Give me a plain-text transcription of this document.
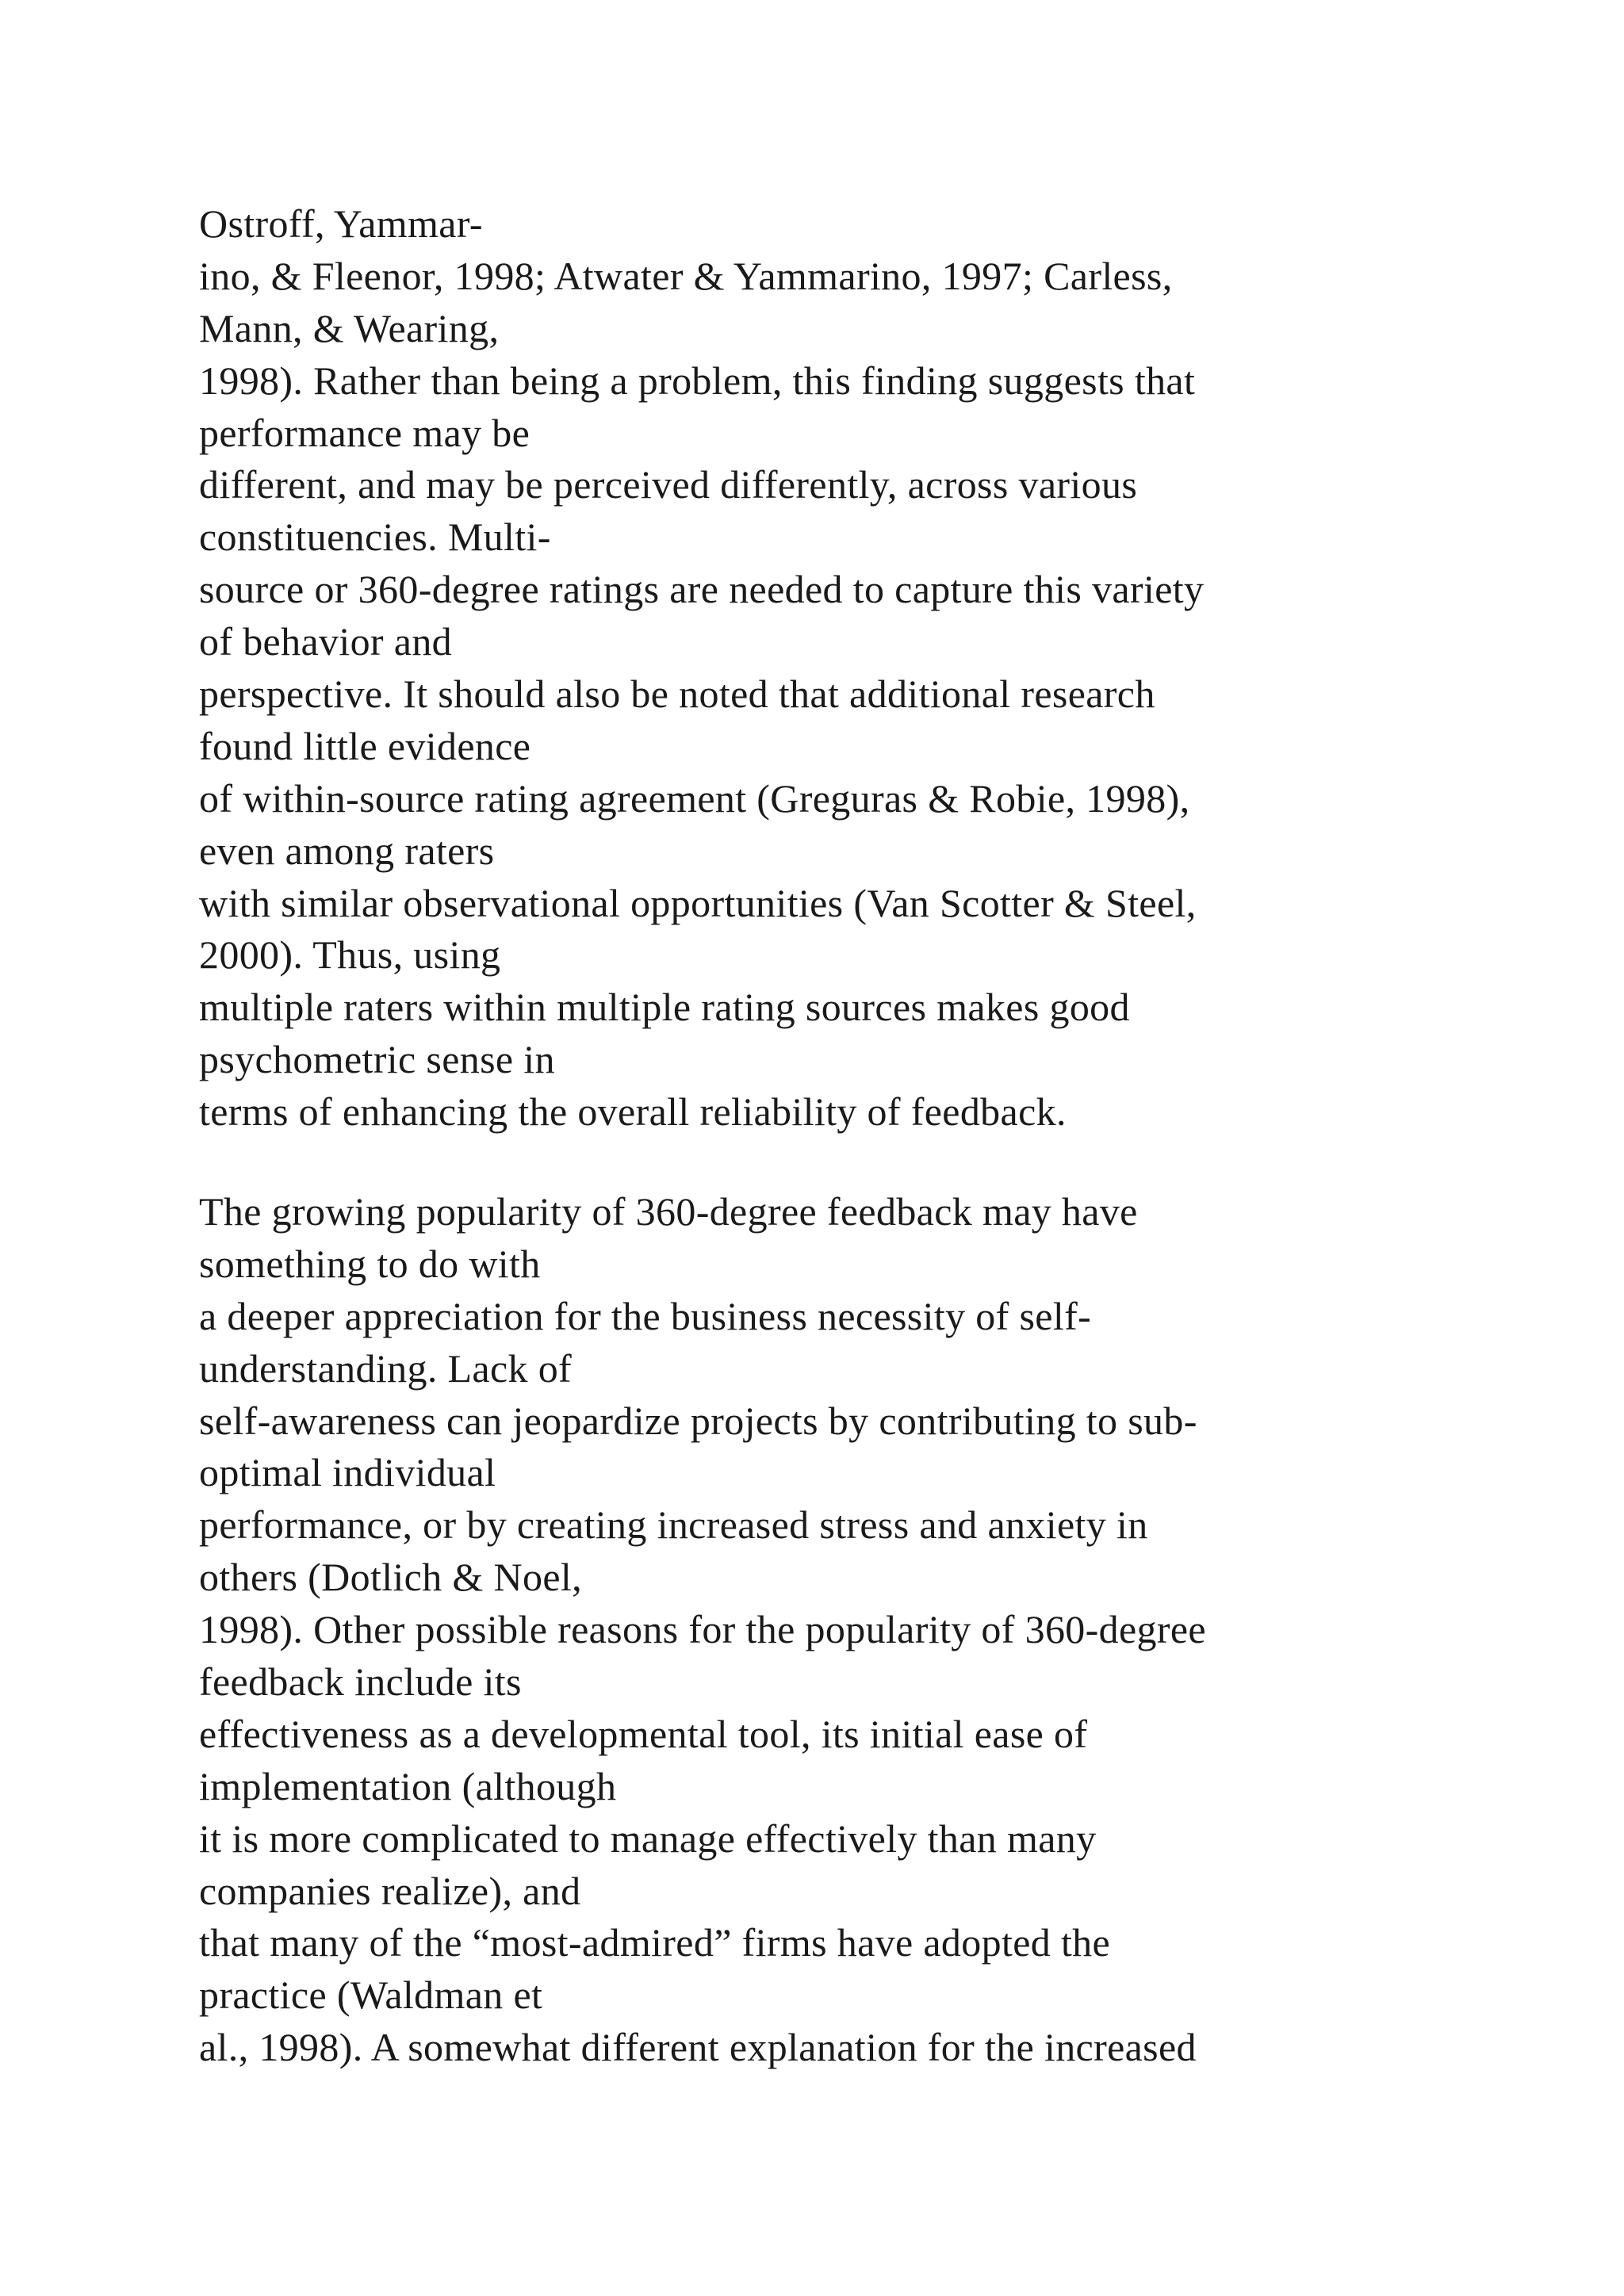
Ostroff, Yammar-
ino, & Fleenor, 1998; Atwater & Yammarino, 1997; Carless,
Mann, & Wearing,
1998). Rather than being a problem, this finding suggests that
performance may be
different, and may be perceived differently, across various
constituencies. Multi-
source or 360-degree ratings are needed to capture this variety
of behavior and
perspective. It should also be noted that additional research
found little evidence
of within-source rating agreement (Greguras & Robie, 1998),
even among raters
with similar observational opportunities (Van Scotter & Steel,
2000). Thus, using
multiple raters within multiple rating sources makes good
psychometric sense in
terms of enhancing the overall reliability of feedback.
The growing popularity of 360-degree feedback may have
something to do with
a deeper appreciation for the business necessity of self-
understanding. Lack of
self-awareness can jeopardize projects by contributing to sub-
optimal individual
performance, or by creating increased stress and anxiety in
others (Dotlich & Noel,
1998). Other possible reasons for the popularity of 360-degree
feedback include its
effectiveness as a developmental tool, its initial ease of
implementation (although
it is more complicated to manage effectively than many
companies realize), and
that many of the “most-admired” firms have adopted the
practice (Waldman et
al., 1998). A somewhat different explanation for the increased
